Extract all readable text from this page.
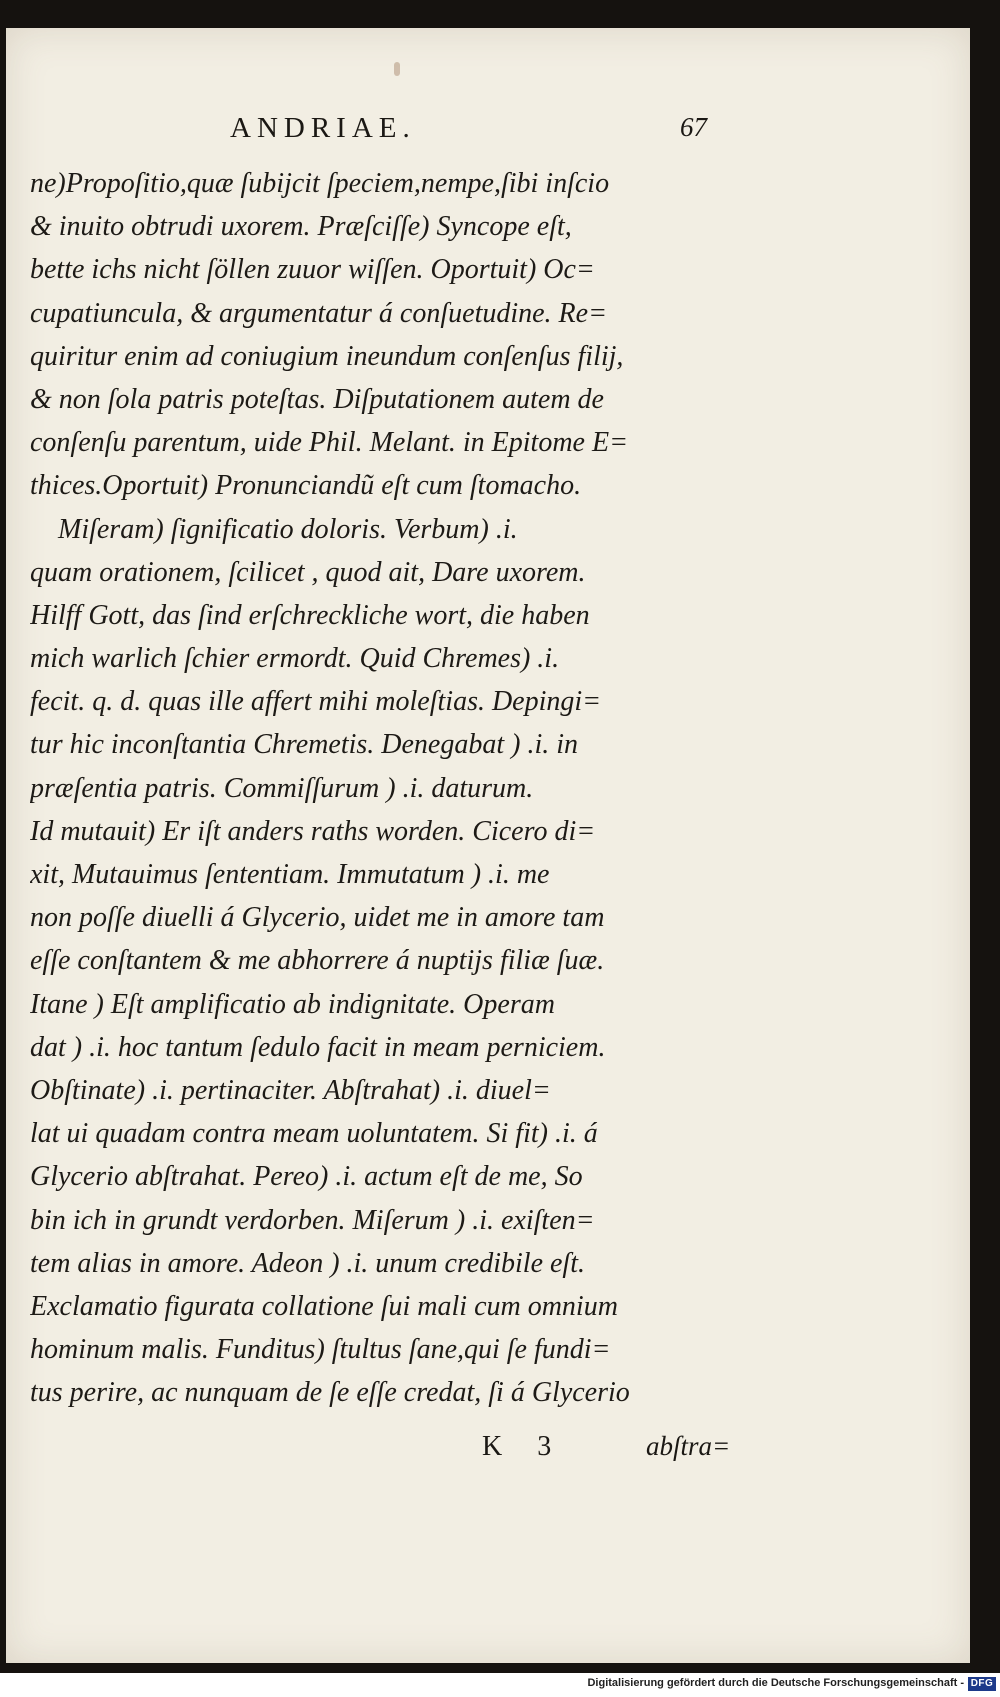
ANDRIAE.	67
ne)Propoſitio,quæ ſubijcit ſpeciem,nempe,ſibi inſcio
& inuito obtrudi uxorem. Præſciſſe) Syncope eſt,
bette ichs nicht ſöllen zuuor wiſſen. Oportuit) Oc=
cupatiuncula, & argumentatur á conſuetudine. Re=
quiritur enim ad coniugium ineundum conſenſus filij,
& non ſola patris poteſtas. Diſputationem autem de
conſenſu parentum, uide Phil. Melant. in Epitome E=
thices.Oportuit) Pronunciandũ eſt cum ſtomacho.
Miſeram) ſignificatio doloris. Verbum) .i.
quam orationem, ſcilicet , quod ait, Dare uxorem.
Hilff Gott, das ſind erſchreckliche wort, die haben
mich warlich ſchier ermordt. Quid Chremes) .i.
fecit. q. d. quas ille affert mihi moleſtias. Depingi=
tur hic inconſtantia Chremetis. Denegabat ) .i. in
præſentia patris. Commiſſurum ) .i. daturum.
Id mutauit) Er iſt anders raths worden. Cicero di=
xit, Mutauimus ſententiam. Immutatum ) .i. me
non poſſe diuelli á Glycerio, uidet me in amore tam
eſſe conſtantem & me abhorrere á nuptijs filiæ ſuæ.
Itane ) Eſt amplificatio ab indignitate. Operam
dat ) .i. hoc tantum ſedulo facit in meam perniciem.
Obſtinate) .i. pertinaciter. Abſtrahat) .i. diuel=
lat ui quadam contra meam uoluntatem. Si fit) .i. á
Glycerio abſtrahat. Pereo) .i. actum eſt de me, So
bin ich in grundt verdorben. Miſerum ) .i. exiſten=
tem alias in amore. Adeon ) .i. unum credibile eſt.
Exclamatio figurata collatione ſui mali cum omnium
hominum malis. Funditus) ſtultus ſane,qui ſe fundi=
tus perire, ac nunquam de ſe eſſe credat, ſi á Glycerio
K 3	abſtra=
Digitalisierung gefördert durch die Deutsche Forschungsgemeinschaft - DFG
